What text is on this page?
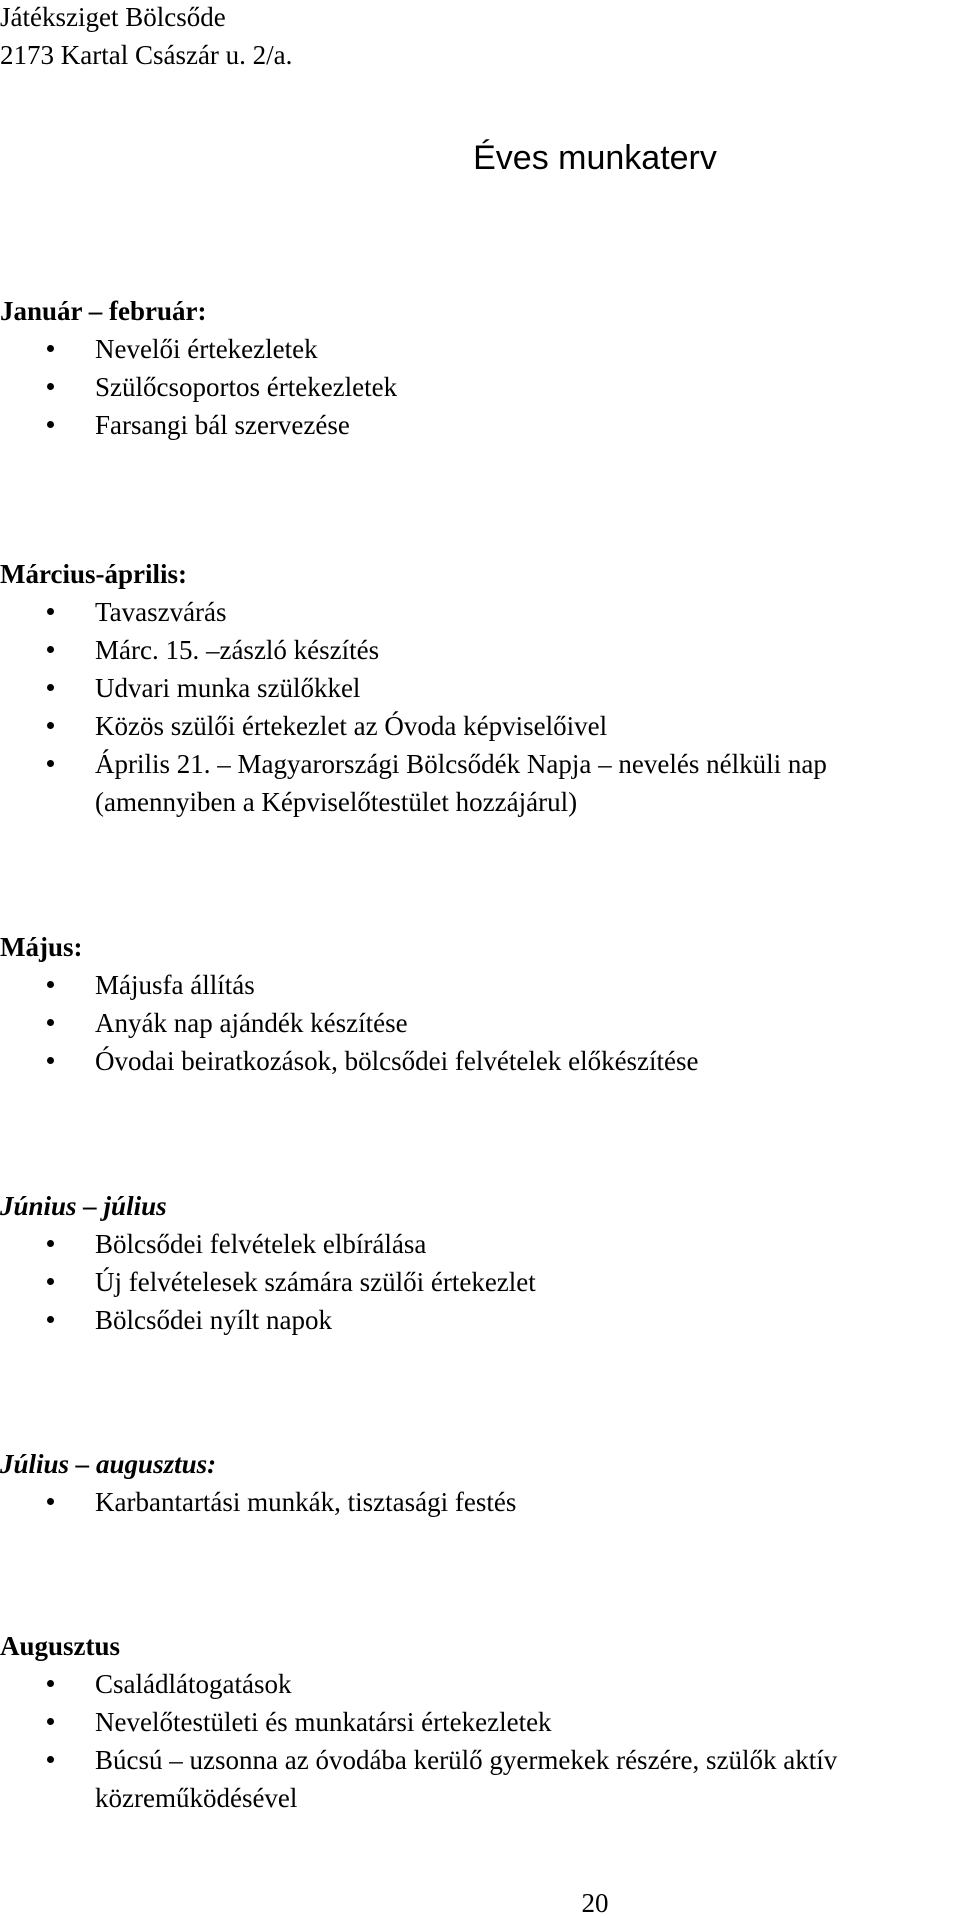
Játéksziget Bölcsőde
2173 Kartal Császár u. 2/a.
Éves munkaterv
Január – február:
Nevelői értekezletek
Szülőcsoportos értekezletek
Farsangi bál szervezése
Március-április:
Tavaszvárás
Márc. 15. –zászló készítés
Udvari munka szülőkkel
Közös szülői értekezlet az Óvoda képviselőivel
Április 21. – Magyarországi Bölcsődék Napja – nevelés nélküli nap (amennyiben a Képviselőtestület hozzájárul)
Május:
Májusfa állítás
Anyák nap ajándék készítése
Óvodai beiratkozások, bölcsődei felvételek előkészítése
Június – július
Bölcsődei felvételek elbírálása
Új felvételesek számára szülői értekezlet
Bölcsődei nyílt napok
Július – augusztus:
Karbantartási munkák, tisztasági festés
Augusztus
Családlátogatások
Nevelőtestületi és munkatársi értekezletek
Búcsú – uzsonna az óvodába kerülő gyermekek részére, szülők aktív közreműködésével
20
